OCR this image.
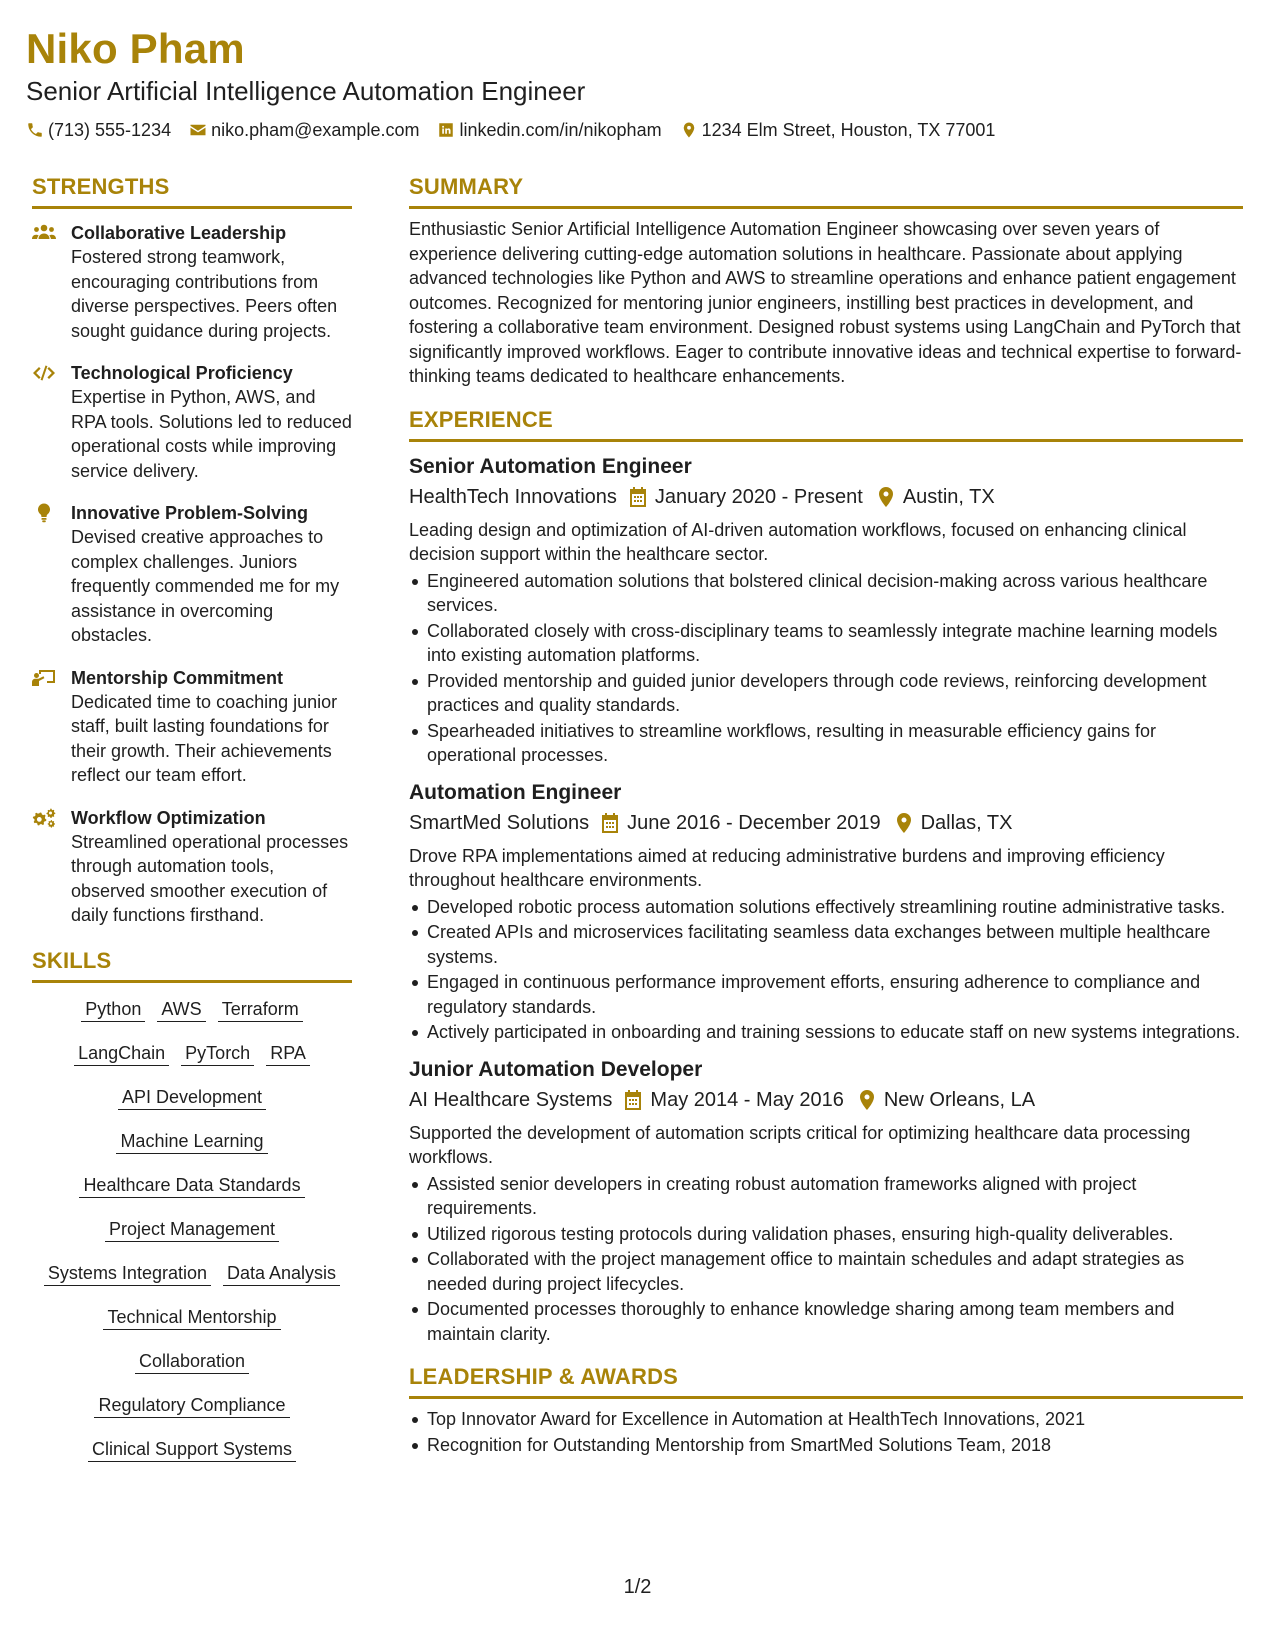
Niko Pham
Senior Artificial Intelligence Automation Engineer
(713) 555-1234 niko.pham@example.com linkedin.com/in/nikopham 1234 Elm Street, Houston, TX 77001
STRENGTHS
Collaborative Leadership
Fostered strong teamwork, encouraging contributions from diverse perspectives. Peers often sought guidance during projects.
Technological Proficiency
Expertise in Python, AWS, and RPA tools. Solutions led to reduced operational costs while improving service delivery.
Innovative Problem-Solving
Devised creative approaches to complex challenges. Juniors frequently commended me for my assistance in overcoming obstacles.
Mentorship Commitment
Dedicated time to coaching junior staff, built lasting foundations for their growth. Their achievements reflect our team effort.
Workflow Optimization
Streamlined operational processes through automation tools, observed smoother execution of daily functions firsthand.
SKILLS
Python AWS Terraform
LangChain PyTorch RPA
API Development
Machine Learning
Healthcare Data Standards
Project Management
Systems Integration Data Analysis
Technical Mentorship
Collaboration
Regulatory Compliance
Clinical Support Systems
SUMMARY
Enthusiastic Senior Artificial Intelligence Automation Engineer showcasing over seven years of experience delivering cutting-edge automation solutions in healthcare. Passionate about applying advanced technologies like Python and AWS to streamline operations and enhance patient engagement outcomes. Recognized for mentoring junior engineers, instilling best practices in development, and fostering a collaborative team environment. Designed robust systems using LangChain and PyTorch that significantly improved workflows. Eager to contribute innovative ideas and technical expertise to forward-thinking teams dedicated to healthcare enhancements.
EXPERIENCE
Senior Automation Engineer
HealthTech Innovations January 2020 - Present Austin, TX
Leading design and optimization of AI-driven automation workflows, focused on enhancing clinical decision support within the healthcare sector.
Engineered automation solutions that bolstered clinical decision-making across various healthcare services.
Collaborated closely with cross-disciplinary teams to seamlessly integrate machine learning models into existing automation platforms.
Provided mentorship and guided junior developers through code reviews, reinforcing development practices and quality standards.
Spearheaded initiatives to streamline workflows, resulting in measurable efficiency gains for operational processes.
Automation Engineer
SmartMed Solutions June 2016 - December 2019 Dallas, TX
Drove RPA implementations aimed at reducing administrative burdens and improving efficiency throughout healthcare environments.
Developed robotic process automation solutions effectively streamlining routine administrative tasks.
Created APIs and microservices facilitating seamless data exchanges between multiple healthcare systems.
Engaged in continuous performance improvement efforts, ensuring adherence to compliance and regulatory standards.
Actively participated in onboarding and training sessions to educate staff on new systems integrations.
Junior Automation Developer
AI Healthcare Systems May 2014 - May 2016 New Orleans, LA
Supported the development of automation scripts critical for optimizing healthcare data processing workflows.
Assisted senior developers in creating robust automation frameworks aligned with project requirements.
Utilized rigorous testing protocols during validation phases, ensuring high-quality deliverables.
Collaborated with the project management office to maintain schedules and adapt strategies as needed during project lifecycles.
Documented processes thoroughly to enhance knowledge sharing among team members and maintain clarity.
LEADERSHIP & AWARDS
Top Innovator Award for Excellence in Automation at HealthTech Innovations, 2021
Recognition for Outstanding Mentorship from SmartMed Solutions Team, 2018
1/2
